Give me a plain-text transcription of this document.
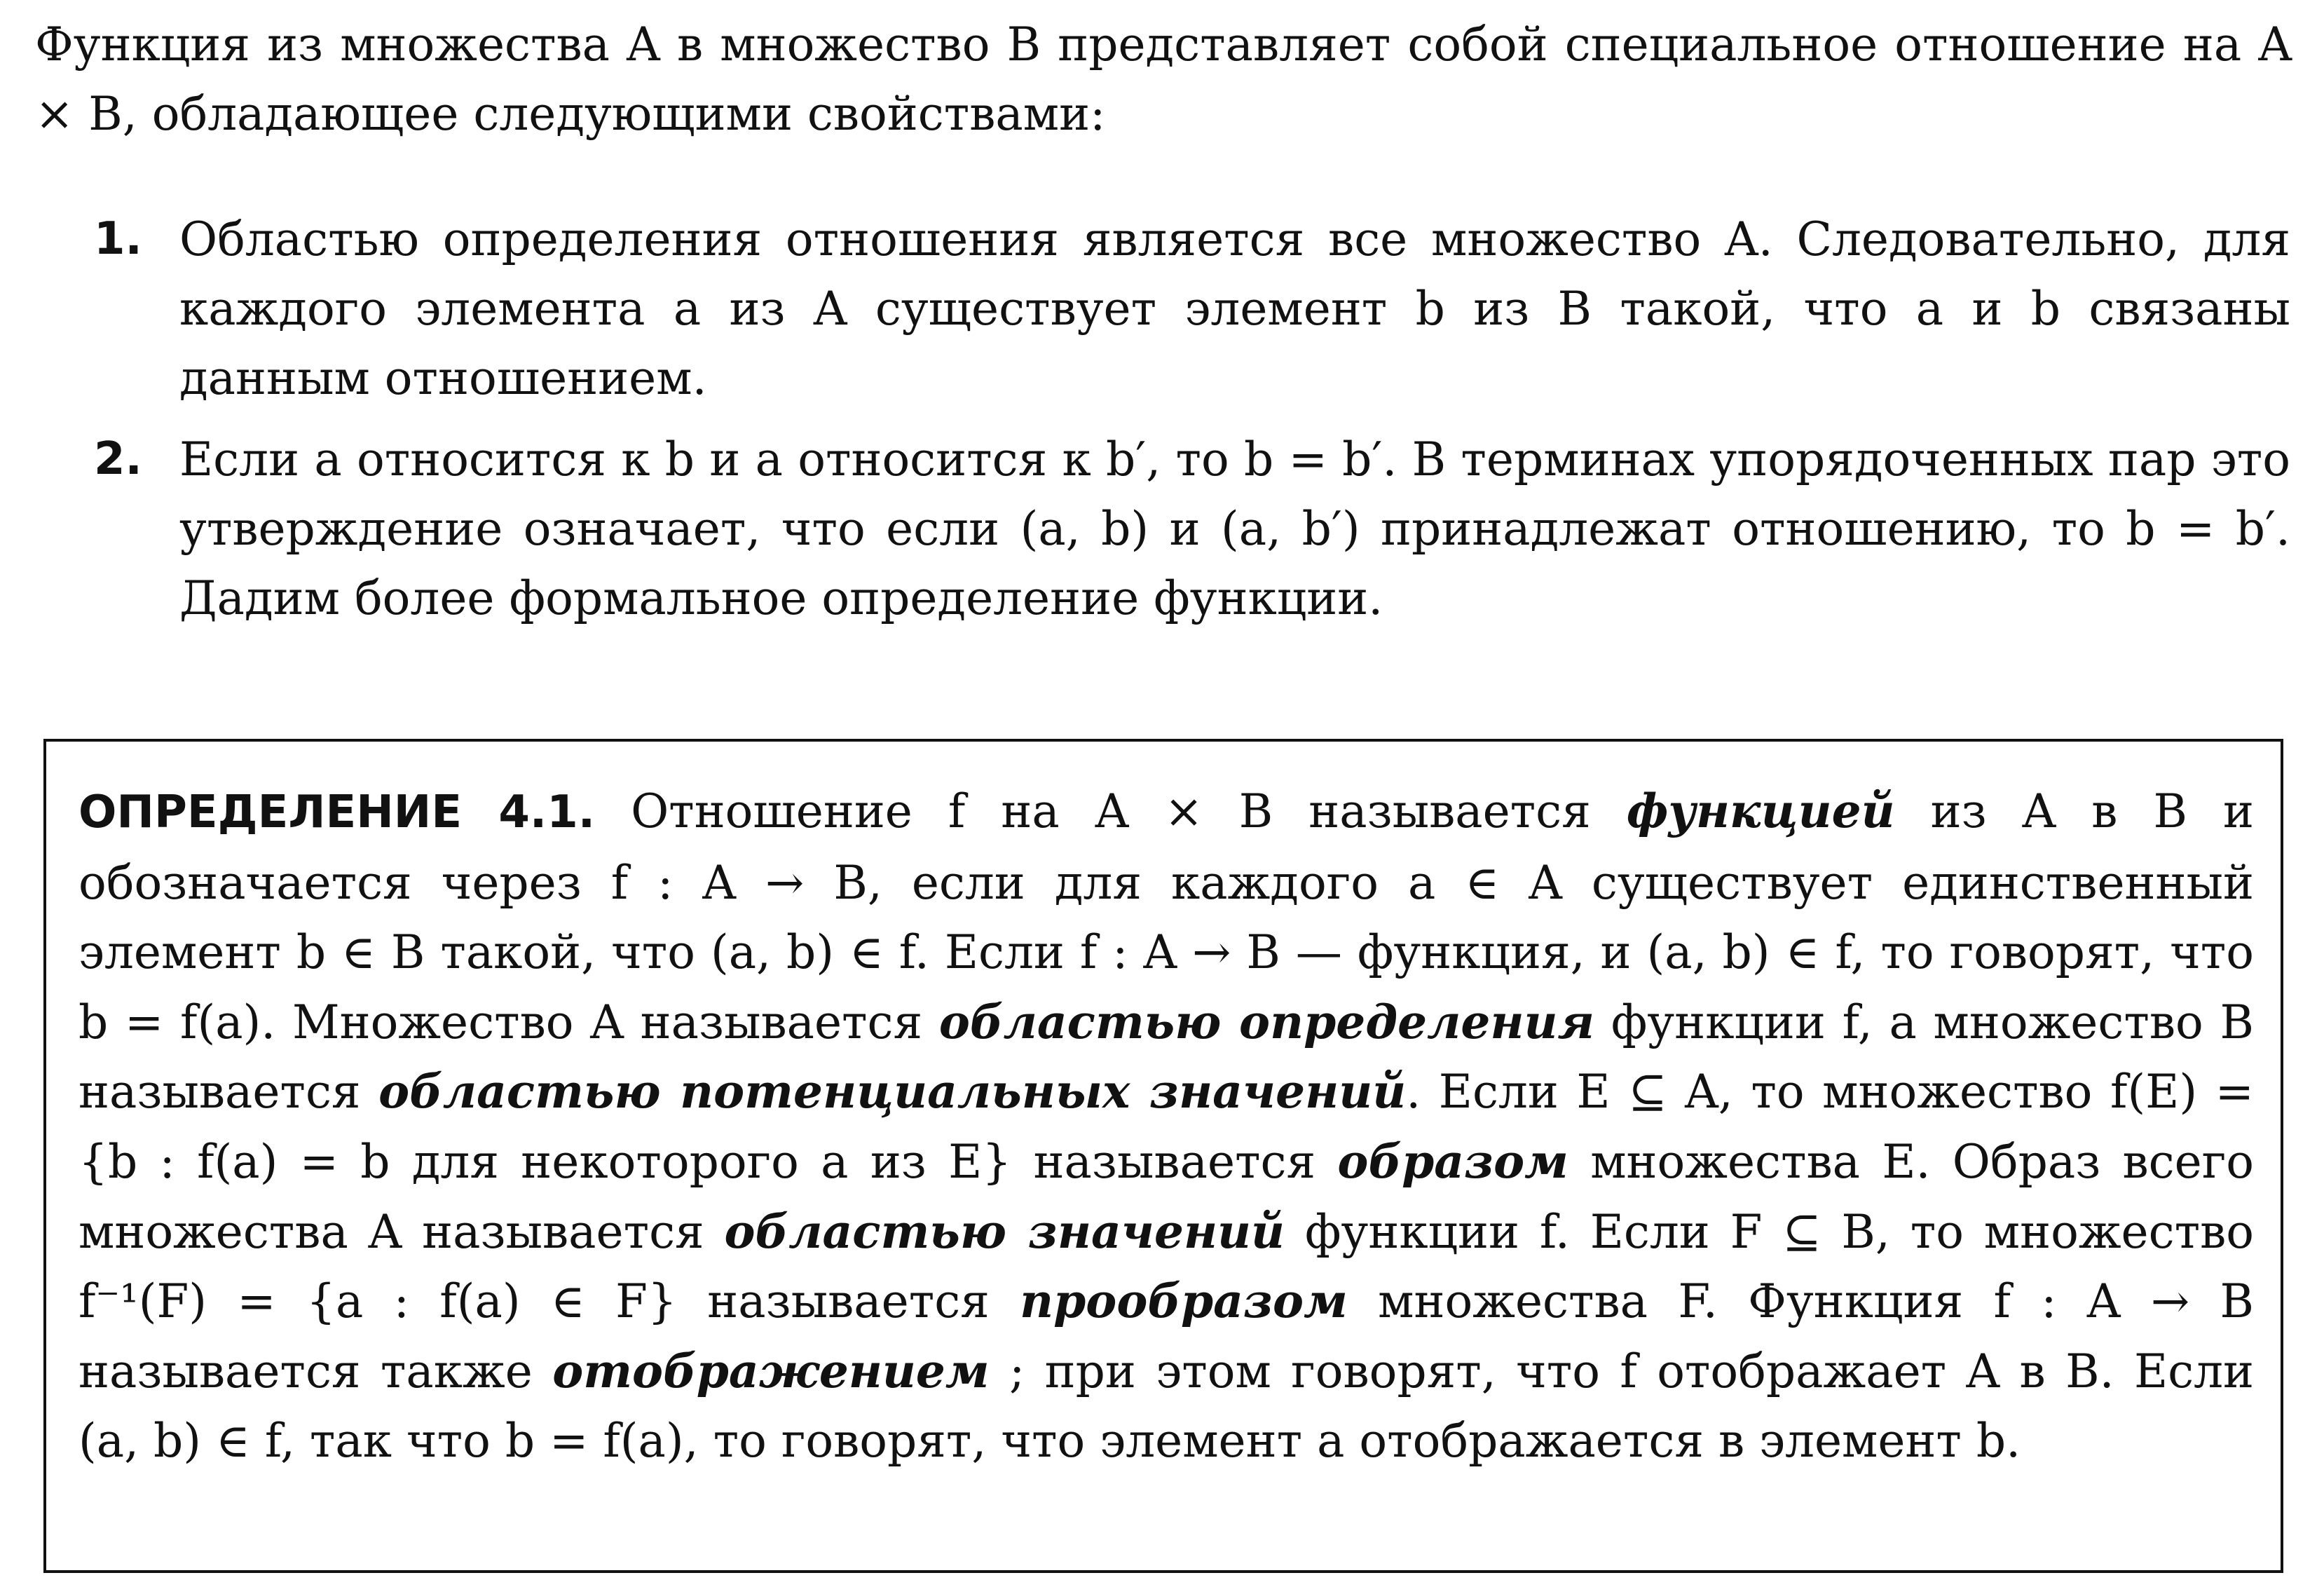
Функция из множества A в множество B представляет собой специальное отношение на A × B, обладающее следующими свойствами:

1. Областью определения отношения является все множество A. Следовательно, для каждого элемента a из A существует элемент b из B такой, что a и b связаны данным отношением.

2. Если a относится к b и a относится к b′, то b = b′. В терминах упорядоченных пар это утверждение означает, что если (a, b) и (a, b′) принадлежат отношению, то b = b′. Дадим более формальное определение функции.

ОПРЕДЕЛЕНИЕ 4.1. Отношение f на A × B называется функцией из A в B и обозначается через f : A → B, если для каждого a ∈ A существует единственный элемент b ∈ B такой, что (a, b) ∈ f. Если f : A → B — функция, и (a, b) ∈ f, то говорят, что b = f(a). Множество A называется областью определения функции f, а множество B называется областью потенциальных значений. Если E ⊆ A, то множество f(E) = {b : f(a) = b для некоторого a из E} называется образом множества E. Образ всего множества A называется областью значений функции f. Если F ⊆ B, то множество f⁻¹(F) = {a : f(a) ∈ F} называется прообразом множества F. Функция f : A → B называется также отображением ; при этом говорят, что f отображает A в B. Если (a, b) ∈ f, так что b = f(a), то говорят, что элемент a отображается в элемент b.
